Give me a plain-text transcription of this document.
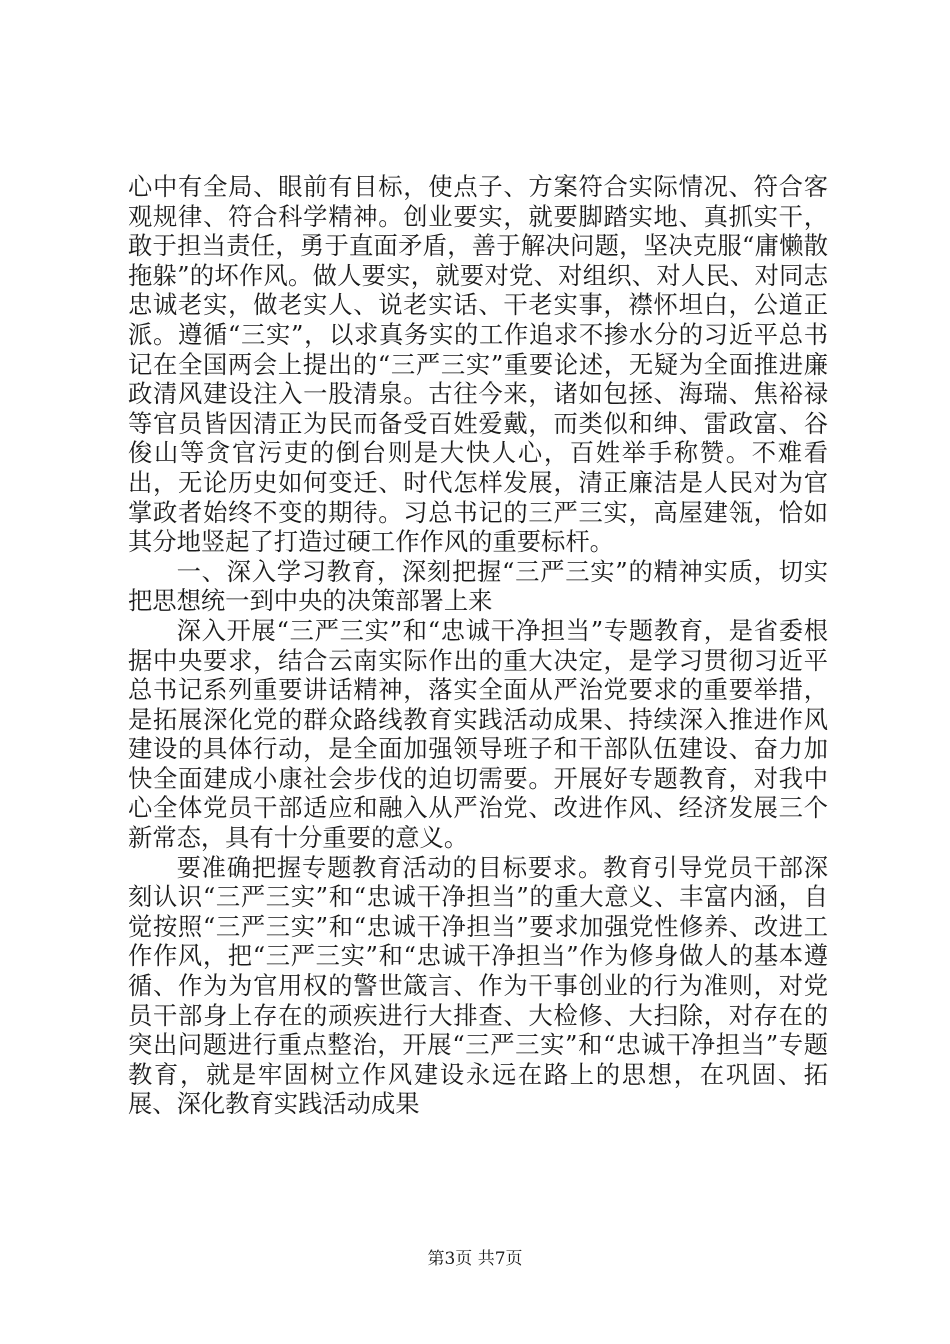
心中有全局、眼前有目标，使点子、方案符合实际情况、符合客观规律、符合科学精神。创业要实，就要脚踏实地、真抓实干，敢于担当责任，勇于直面矛盾，善于解决问题，坚决克服“庸懒散拖躲”的坏作风。做人要实，就要对党、对组织、对人民、对同志忠诚老实，做老实人、说老实话、干老实事，襟怀坦白，公道正派。遵循“三实”，以求真务实的工作追求不掺水分的习近平总书记在全国两会上提出的“三严三实”重要论述，无疑为全面推进廉政清风建设注入一股清泉。古往今来，诸如包拯、海瑞、焦裕禄等官员皆因清正为民而备受百姓爱戴，而类似和绅、雷政富、谷俊山等贪官污吏的倒台则是大快人心，百姓举手称赞。不难看出，无论历史如何变迁、时代怎样发展，清正廉洁是人民对为官掌政者始终不变的期待。习总书记的三严三实，高屋建瓴，恰如其分地竖起了打造过硬工作作风的重要标杆。

一、深入学习教育，深刻把握“三严三实”的精神实质，切实把思想统一到中央的决策部署上来

深入开展“三严三实”和“忠诚干净担当”专题教育，是省委根据中央要求，结合云南实际作出的重大决定，是学习贯彻习近平总书记系列重要讲话精神，落实全面从严治党要求的重要举措，是拓展深化党的群众路线教育实践活动成果、持续深入推进作风建设的具体行动，是全面加强领导班子和干部队伍建设、奋力加快全面建成小康社会步伐的迫切需要。开展好专题教育，对我中心全体党员干部适应和融入从严治党、改进作风、经济发展三个新常态，具有十分重要的意义。

要准确把握专题教育活动的目标要求。教育引导党员干部深刻认识“三严三实”和“忠诚干净担当”的重大意义、丰富内涵，自觉按照“三严三实”和“忠诚干净担当”要求加强党性修养、改进工作作风，把“三严三实”和“忠诚干净担当”作为修身做人的基本遵循、作为为官用权的警世箴言、作为干事创业的行为准则，对党员干部身上存在的顽疾进行大排查、大检修、大扫除，对存在的突出问题进行重点整治，开展“三严三实”和“忠诚干净担当”专题教育，就是牢固树立作风建设永远在路上的思想，在巩固、拓展、深化教育实践活动成果

第3页 共7页
